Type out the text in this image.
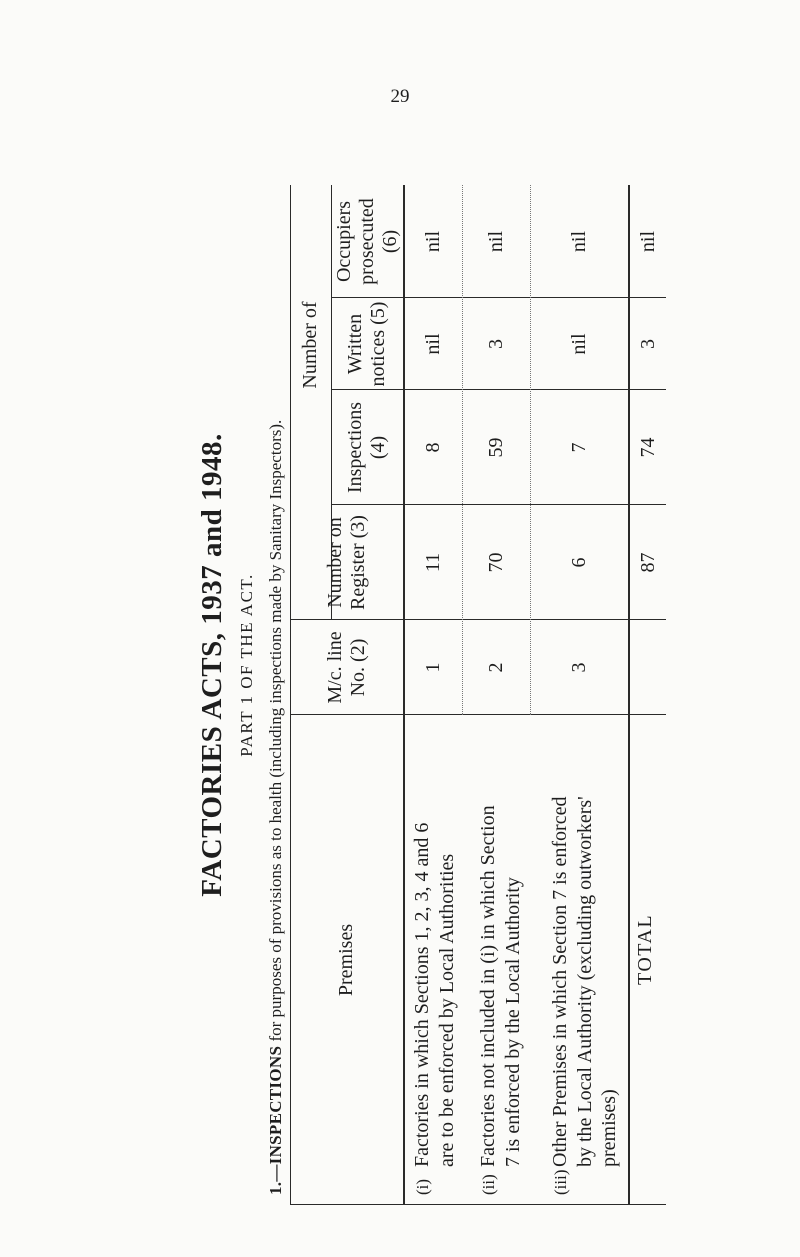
29
FACTORIES ACTS, 1937 and 1948. PART 1 OF THE ACT.
1.—INSPECTIONS for purposes of provisions as to health (including inspections made by Sanitary Inspectors).	Premises
M/c. line No. (2)
Number on Register (3)
Number of
Inspections (4)
Written notices (5)
Occupiers prosecuted (6)
(i)Factories in which Sections 1, 2, 3, 4 and 6 are to be enforced by Local Authorities
1
11
8
nil
nil
(ii)Factories not included in (i) in which Section 7 is enforced by the Local Authority
2
70
59
3
nil
(iii)Other Premises in which Section 7 is enforced by the Local Authority (excluding outworkers' premises)
3
6
7
nil
nil
TOTAL
87
74
3
nil
